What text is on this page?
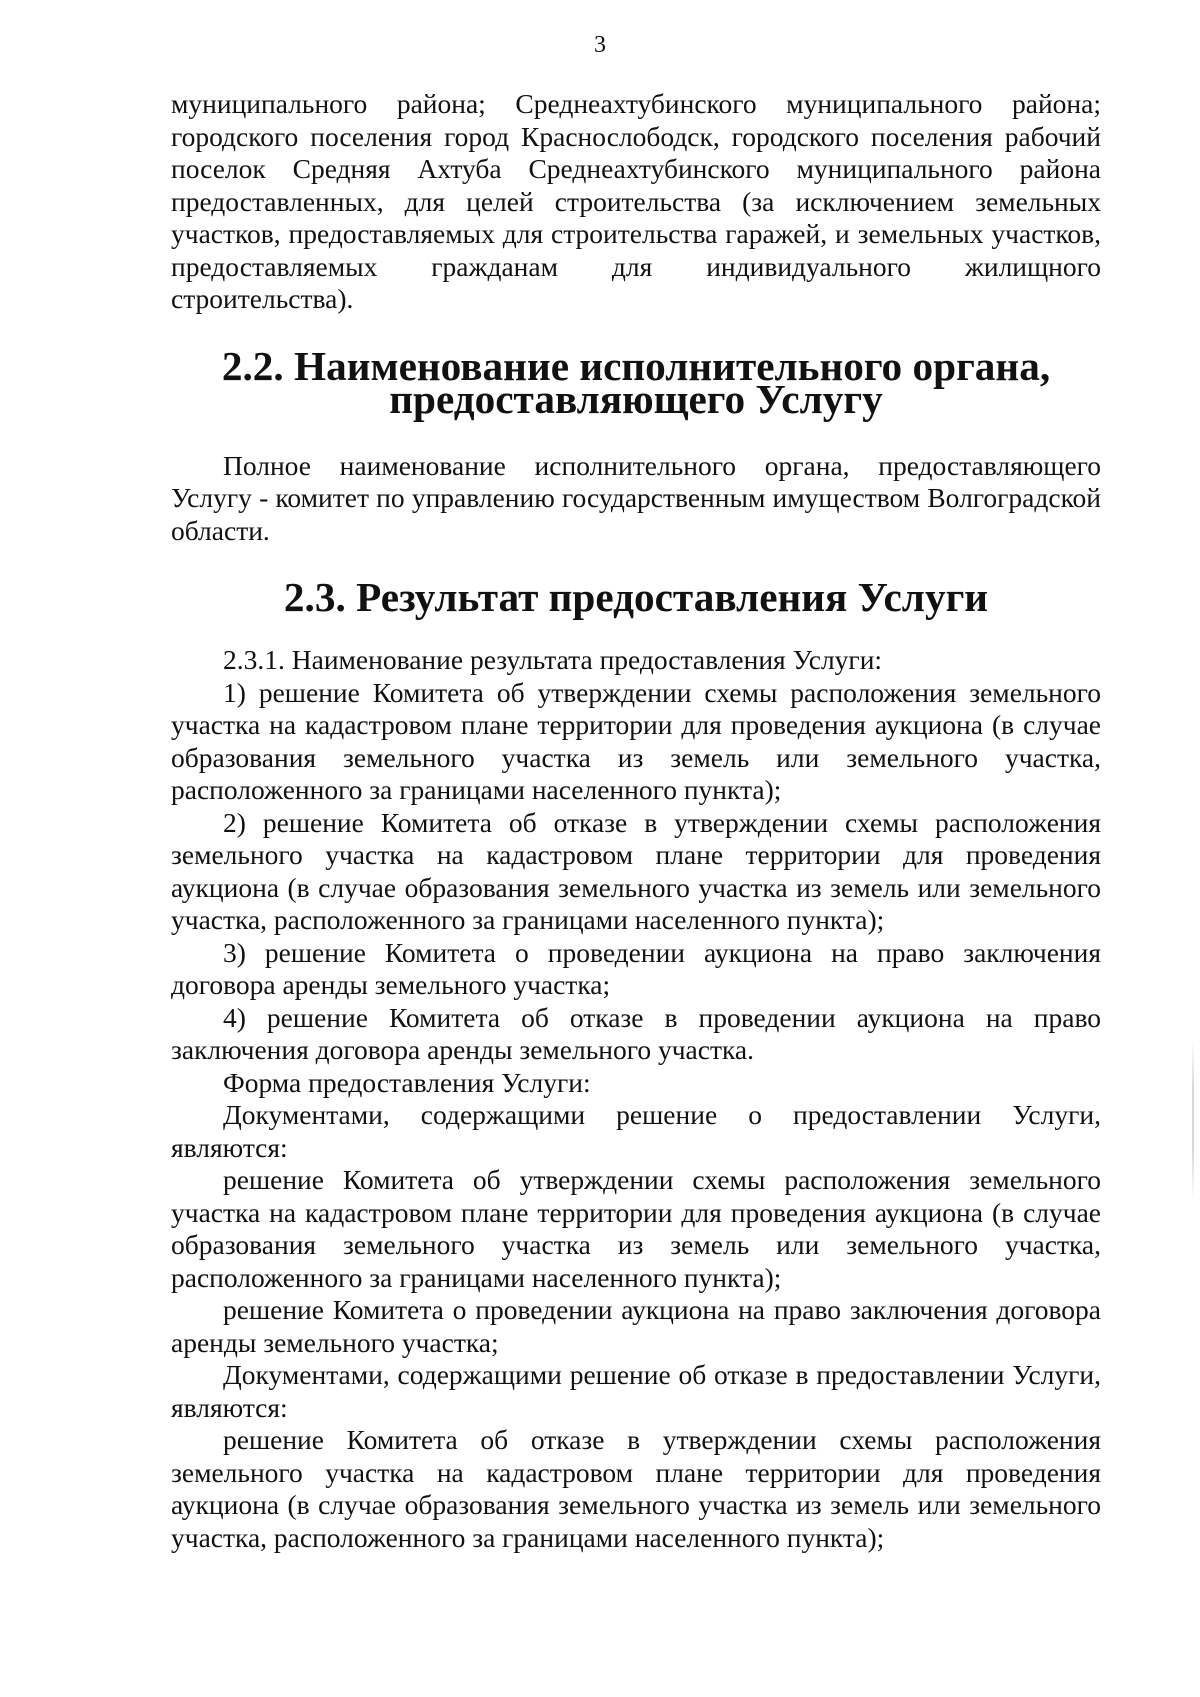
3

муниципального района; Среднеахтубинского муниципального района; городского поселения город Краснослободск, городского поселения рабочий поселок Средняя Ахтуба Среднеахтубинского муниципального района предоставленных, для целей строительства (за исключением земельных участков, предоставляемых для строительства гаражей, и земельных участков, предоставляемых гражданам для индивидуального жилищного строительства).

2.2. Наименование исполнительного органа, предоставляющего Услугу

Полное наименование исполнительного органа, предоставляющего Услугу - комитет по управлению государственным имуществом Волгоградской области.

2.3. Результат предоставления Услуги

2.3.1. Наименование результата предоставления Услуги:

1) решение Комитета об утверждении схемы расположения земельного участка на кадастровом плане территории для проведения аукциона (в случае образования земельного участка из земель или земельного участка, расположенного за границами населенного пункта);

2) решение Комитета об отказе в утверждении схемы расположения земельного участка на кадастровом плане территории для проведения аукциона (в случае образования земельного участка из земель или земельного участка, расположенного за границами населенного пункта);

3) решение Комитета о проведении аукциона на право заключения договора аренды земельного участка;

4) решение Комитета об отказе в проведении аукциона на право заключения договора аренды земельного участка.

Форма предоставления Услуги:

Документами, содержащими решение о предоставлении Услуги, являются:

решение Комитета об утверждении схемы расположения земельного участка на кадастровом плане территории для проведения аукциона (в случае образования земельного участка из земель или земельного участка, расположенного за границами населенного пункта);

решение Комитета о проведении аукциона на право заключения договора аренды земельного участка;

Документами, содержащими решение об отказе в предоставлении Услуги, являются:

решение Комитета об отказе в утверждении схемы расположения земельного участка на кадастровом плане территории для проведения аукциона (в случае образования земельного участка из земель или земельного участка, расположенного за границами населенного пункта);
